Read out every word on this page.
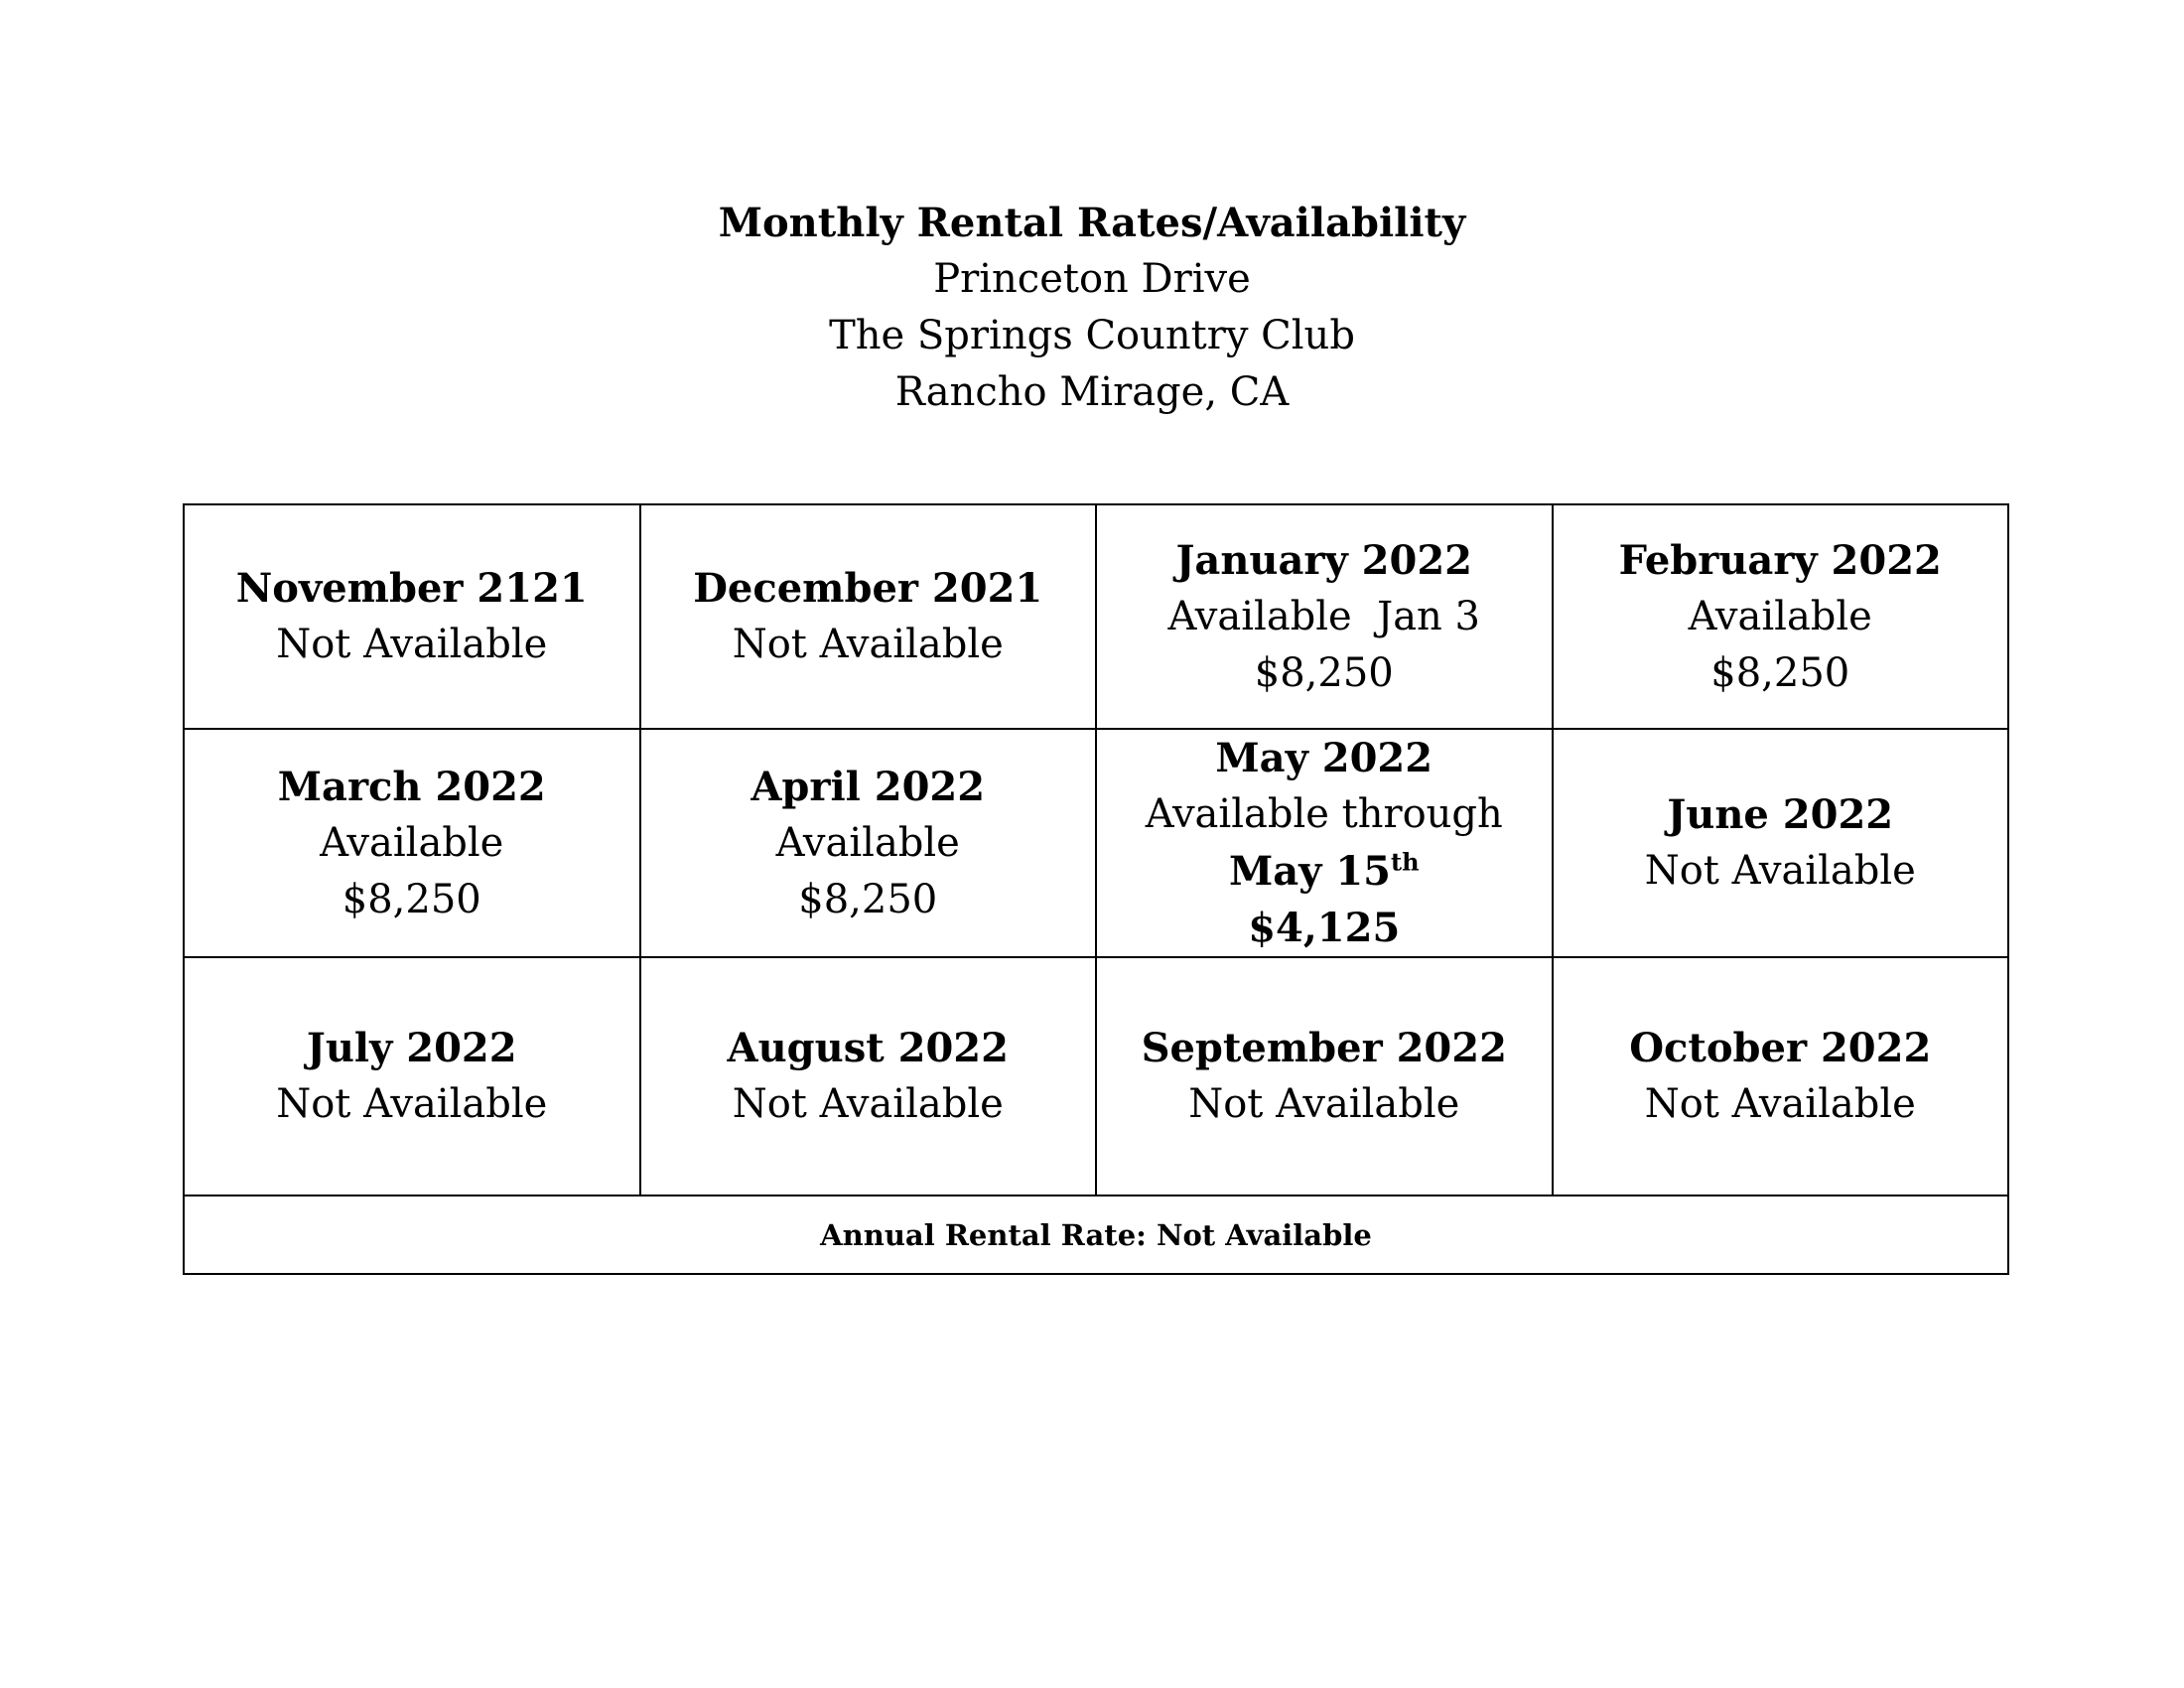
Monthly Rental Rates/Availability
Princeton Drive
The Springs Country Club
Rancho Mirage, CA
November 2121
Not Available	December 2021
Not Available	January 2022
Available  Jan 3
$8,250	February 2022
Available
$8,250

March 2022
Available
$8,250	April 2022
Available
$8,250	May 2022
Available through
May 15th
$4,125	June 2022
Not Available

July 2022
Not Available	August 2022
Not Available	September 2022
Not Available	October 2022
Not Available

Annual Rental Rate: Not Available			
